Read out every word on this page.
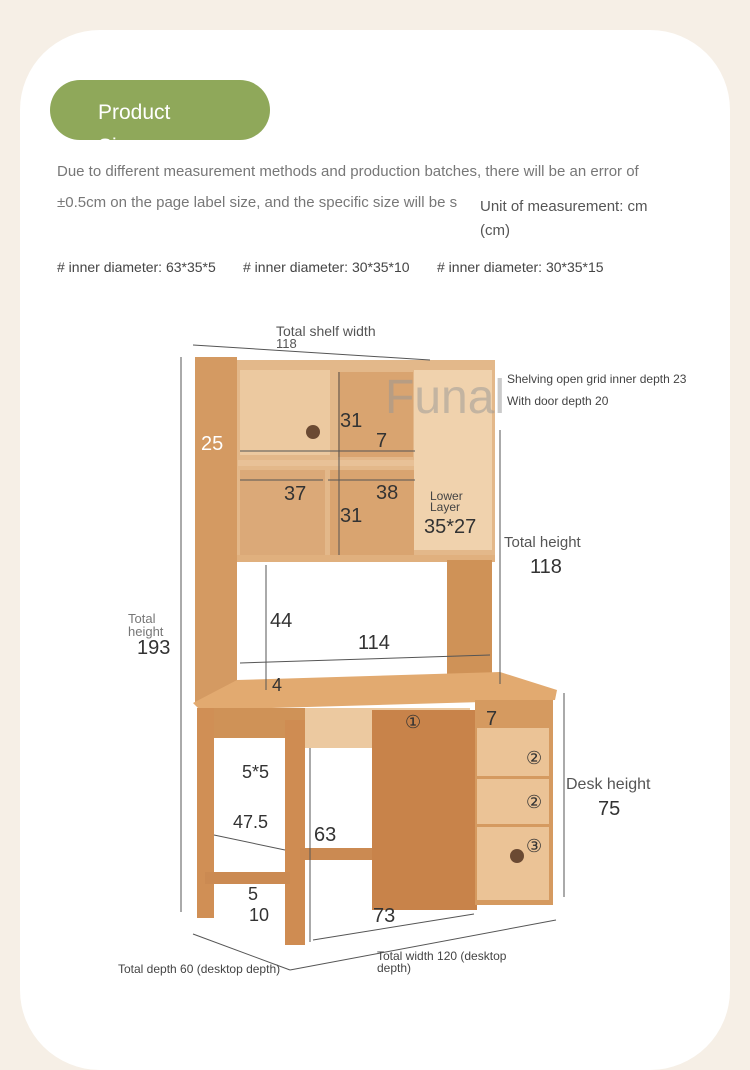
Product Size
Due to different measurement methods and production batches, there will be an error of
±0.5cm on the page label size, and the specific size will be s Unit of measurement: cm
(cm)
# inner diameter: 63*35*5 # inner diameter: 30*35*10 # inner diameter: 30*35*15
Funal
Total shelf width
118
Shelving open grid inner depth 23
With door depth 20
25
31
7
37	38
31
Lower Layer
35*27
Total height
118
Total height
193
44
114
4
①	7
②
②
③
5*5
47.5
63
Desk height
75
5
10	73
Total depth 60 (desktop depth)
Total width 120 (desktop depth)
